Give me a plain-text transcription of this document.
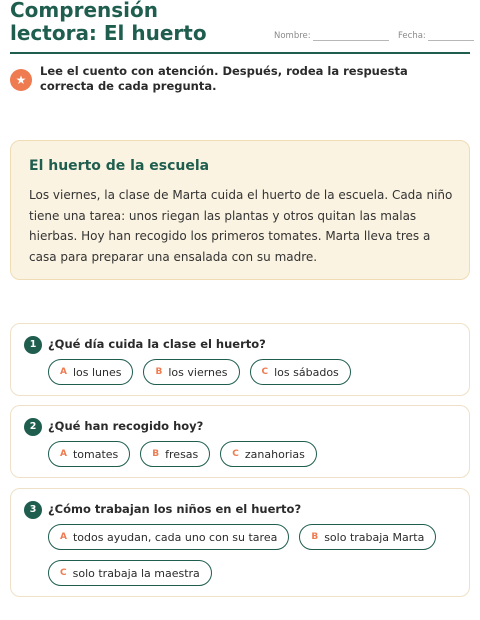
Comprensión lectora: El huerto	Nombre:	Fecha:
★
Lee el cuento con atención. Después, rodea la respuesta correcta de cada pregunta.
El huerto de la escuela
Los viernes, la clase de Marta cuida el huerto de la escuela. Cada niño tiene una tarea: unos riegan las plantas y otros quitan las malas hierbas. Hoy han recogido los primeros tomates. Marta lleva tres a casa para preparar una ensalada con su madre.
1	¿Qué día cuida la clase el huerto?
A los lunes	B los viernes	C los sábados
2	¿Qué han recogido hoy?
A tomates	B fresas	C zanahorias
3	¿Cómo trabajan los niños en el huerto?
A todos ayudan, cada uno con su tarea	B solo trabaja Marta
C solo trabaja la maestra
